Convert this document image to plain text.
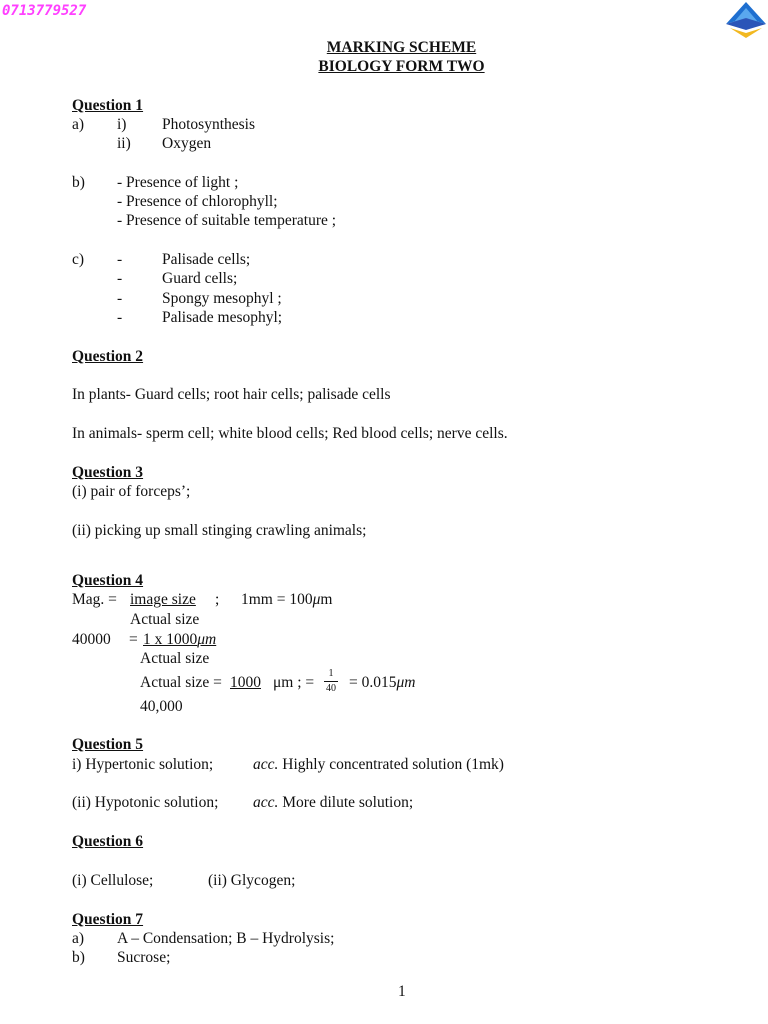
0713779527
MARKING SCHEME
BIOLOGY FORM TWO
Question 1
a) i) Photosynthesis
ii) Oxygen
b) - Presence of light ;
- Presence of chlorophyll;
- Presence of suitable temperature ;
c) -	Palisade cells;
-	Guard cells;
-	Spongy mesophyl ;
-	Palisade mesophyl;
Question 2
In plants- Guard cells; root hair cells; palisade cells
In animals- sperm cell; white blood cells; Red blood cells; nerve cells.
Question 3
(i) pair of forceps’;
(ii) picking up small stinging crawling animals;
Question 4
Mag. = image size ; 1mm = 100μm
Actual size
40000 = 1 x 1000μm
Actual size
Actual size = 1000 μm ; =
1
40 = 0.015μm
40,000
Question 5
i) Hypertonic solution;	acc. Highly concentrated solution (1mk)
(ii) Hypotonic solution; acc. More dilute solution;
Question 6
(i) Cellulose;	(ii) Glycogen;
Question 7
a) A – Condensation; B – Hydrolysis;
b) Sucrose;
1
